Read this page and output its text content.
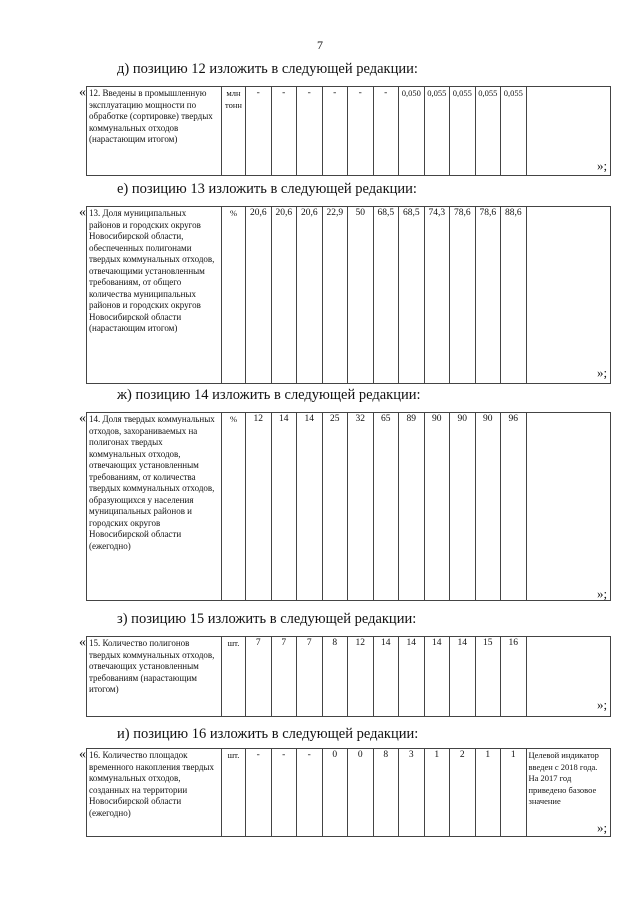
7
д) позицию 12 изложить в следующей редакции:
« 12. Введены в промышленную эксплуатацию мощности по обработке (сортировке) твердых коммунальных отходов (нарастающим итогом)	млн тонн	-	-	-	-	-	-	0,050	0,055	0,055	0,055	0,055	
»;
е) позицию 13 изложить в следующей редакции:
« 13. Доля муниципальных районов и городских округов Новосибирской области, обеспеченных полигонами твердых коммунальных отходов, отвечающими установленным требованиям, от общего количества муниципальных районов и городских округов Новосибирской области (нарастающим итогом)	%	20,6	20,6	20,6	22,9	50	68,5	68,5	74,3	78,6	78,6	88,6	
»;
ж) позицию 14 изложить в следующей редакции:
« 14. Доля твердых коммунальных отходов, захораниваемых на полигонах твердых коммунальных отходов, отвечающих установленным требованиям, от количества твердых коммунальных отходов, образующихся у населения муниципальных районов и городских округов Новосибирской области (ежегодно)	%	12	14	14	25	32	65	89	90	90	90	96	
»;
з) позицию 15 изложить в следующей редакции:
« 15. Количество полигонов твердых коммунальных отходов, отвечающих установленным требованиям (нарастающим итогом)	шт.	7	7	7	8	12	14	14	14	14	15	16	
»;
и) позицию 16 изложить в следующей редакции:
« 16. Количество площадок временного накопления твердых коммунальных отходов, созданных на территории Новосибирской области (ежегодно)	шт.	-	-	-	0	0	8	3	1	2	1	1	Целевой индикатор введен с 2018 года. На 2017 год приведено базовое значение
»;
